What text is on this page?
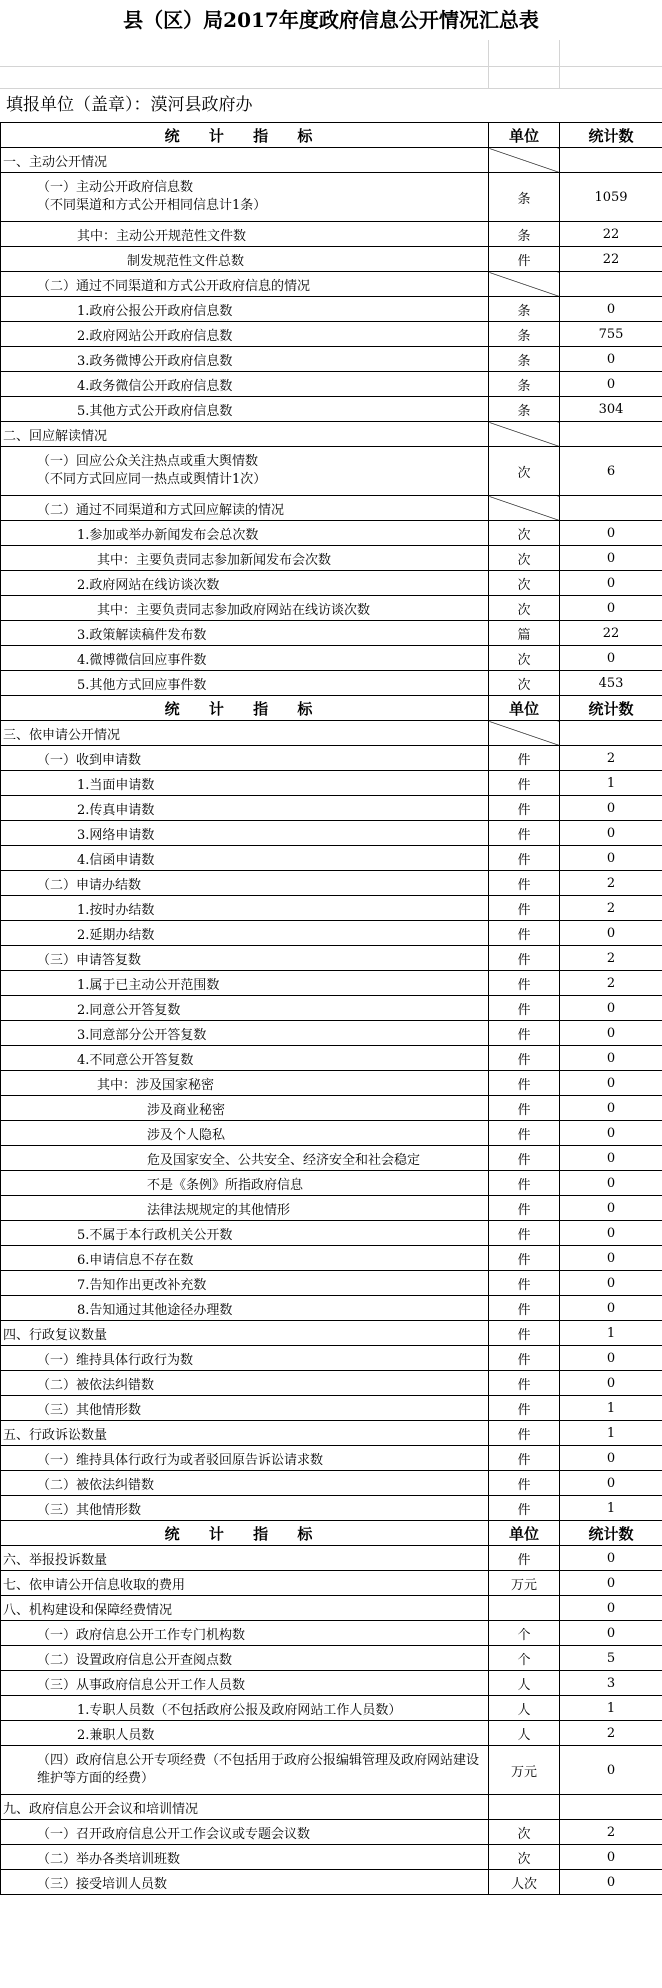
县（区）局2017年度政府信息公开情况汇总表
填报单位（盖章）：漠河县政府办
统 计 指 标	单位	统计数
一、主动公开情况		
（一）主动公开政府信息数
（不同渠道和方式公开相同信息计1条）	条	1059
其中：主动公开规范性文件数	条	22
制发规范性文件总数	件	22
（二）通过不同渠道和方式公开政府信息的情况		
1.政府公报公开政府信息数	条	0
2.政府网站公开政府信息数	条	755
3.政务微博公开政府信息数	条	0
4.政务微信公开政府信息数	条	0
5.其他方式公开政府信息数	条	304
二、回应解读情况		
（一）回应公众关注热点或重大舆情数
（不同方式回应同一热点或舆情计1次）	次	6
（二）通过不同渠道和方式回应解读的情况		
1.参加或举办新闻发布会总次数	次	0
其中：主要负责同志参加新闻发布会次数	次	0
2.政府网站在线访谈次数	次	0
其中：主要负责同志参加政府网站在线访谈次数	次	0
3.政策解读稿件发布数	篇	22
4.微博微信回应事件数	次	0
5.其他方式回应事件数	次	453
统 计 指 标	单位	统计数
三、依申请公开情况		
（一）收到申请数	件	2
1.当面申请数	件	1
2.传真申请数	件	0
3.网络申请数	件	0
4.信函申请数	件	0
（二）申请办结数	件	2
1.按时办结数	件	2
2.延期办结数	件	0
（三）申请答复数	件	2
1.属于已主动公开范围数	件	2
2.同意公开答复数	件	0
3.同意部分公开答复数	件	0
4.不同意公开答复数	件	0
其中：涉及国家秘密	件	0
涉及商业秘密	件	0
涉及个人隐私	件	0
危及国家安全、公共安全、经济安全和社会稳定	件	0
不是《条例》所指政府信息	件	0
法律法规规定的其他情形	件	0
5.不属于本行政机关公开数	件	0
6.申请信息不存在数	件	0
7.告知作出更改补充数	件	0
8.告知通过其他途径办理数	件	0
四、行政复议数量	件	1
（一）维持具体行政行为数	件	0
（二）被依法纠错数	件	0
（三）其他情形数	件	1
五、行政诉讼数量	件	1
（一）维持具体行政行为或者驳回原告诉讼请求数	件	0
（二）被依法纠错数	件	0
（三）其他情形数	件	1
统 计 指 标	单位	统计数
六、举报投诉数量	件	0
七、依申请公开信息收取的费用	万元	0
八、机构建设和保障经费情况		0
（一）政府信息公开工作专门机构数	个	0
（二）设置政府信息公开查阅点数	个	5
（三）从事政府信息公开工作人员数	人	3
1.专职人员数（不包括政府公报及政府网站工作人员数）	人	1
2.兼职人员数	人	2
（四）政府信息公开专项经费（不包括用于政府公报编辑管理及政府网站建设维护等方面的经费）	万元	0
九、政府信息公开会议和培训情况		
（一）召开政府信息公开工作会议或专题会议数	次	2
（二）举办各类培训班数	次	0
（三）接受培训人员数	人次	0
